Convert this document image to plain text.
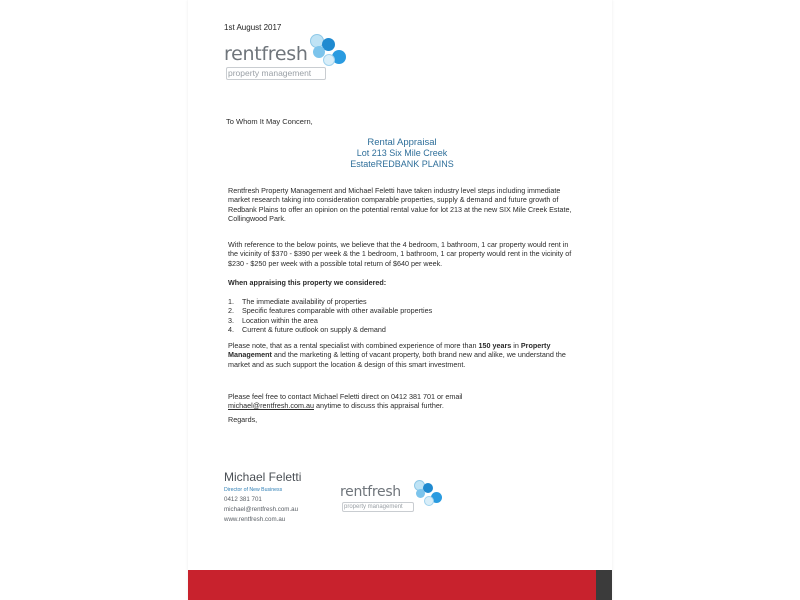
1st August 2017
rentfresh
property management
To Whom It May Concern,
Rental Appraisal
Lot 213 Six Mile Creek
EstateREDBANK PLAINS
Rentfresh Property Management and Michael Feletti have taken industry level steps including immediate market research taking into consideration comparable properties, supply & demand and future growth of Redbank Plains to offer an opinion on the potential rental value for lot 213 at the new SIX Mile Creek Estate, Collingwood Park.
With reference to the below points, we believe that the 4 bedroom, 1 bathroom, 1 car property would rent in the vicinity of $370 - $390 per week & the 1 bedroom, 1 bathroom, 1 car property would rent in the vicinity of $230 - $250 per week with a possible total return of $640 per week.
When appraising this property we considered:
1.	The immediate availability of properties
2.	Specific features comparable with other available properties
3.	Location within the area
4.	Current & future outlook on supply & demand
Please note, that as a rental specialist with combined experience of more than 150 years in Property Management and the marketing & letting of vacant property, both brand new and alike, we understand the market and as such support the location & design of this smart investment.
Please feel free to contact Michael Feletti direct on 0412 381 701 or email
michael@rentfresh.com.au anytime to discuss this appraisal further.
Regards,
Michael Feletti
Director of New Business
0412 381 701
michael@rentfresh.com.au
www.rentfresh.com.au
rentfresh
property management
